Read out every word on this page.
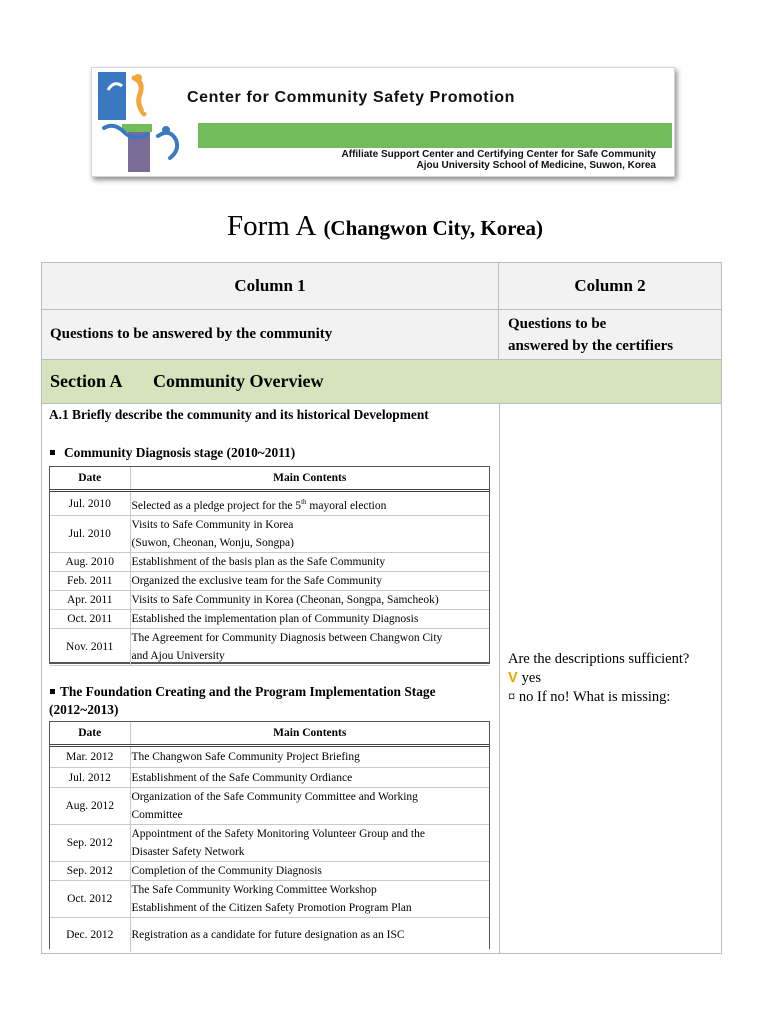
Center for Community Safety Promotion
Affiliate Support Center and Certifying Center for Safe Community
Ajou University School of Medicine, Suwon, Korea
Form A (Changwon City, Korea)
Column 1	Column 2
Questions to be answered by the community
Questions to be
answered by the certifiers
Section A	Community Overview
A.1 Briefly describe the community and its historical Development
Community Diagnosis stage (2010~2011)
Date	Main Contents
Jul. 2010	Selected as a pledge project for the 5th mayoral election
Jul. 2010	Visits to Safe Community in Korea
(Suwon, Cheonan, Wonju, Songpa)

Aug. 2010	Establishment of the basis plan as the Safe Community
Feb. 2011	Organized the exclusive team for the Safe Community
Apr. 2011	Visits to Safe Community in Korea (Cheonan, Songpa, Samcheok)
Oct. 2011	Established the implementation plan of Community Diagnosis
Nov. 2011	The Agreement for Community Diagnosis between Changwon City
and Ajou University
The Foundation Creating and the Program Implementation Stage
(2012~2013)
Date	Main Contents
Mar. 2012	The Changwon Safe Community Project Briefing
Jul. 2012	Establishment of the Safe Community Ordiance
Aug. 2012	Organization of the Safe Community Committee and Working
Committee

Sep. 2012	Appointment of the Safety Monitoring Volunteer Group and the
Disaster Safety Network

Sep. 2012	Completion of the Community Diagnosis
Oct. 2012	The Safe Community Working Committee Workshop
Establishment of the Citizen Safety Promotion Program Plan

Dec. 2012	Registration as a candidate for future designation as an ISC
Are the descriptions sufficient?
V yes
¤ no If no! What is missing:
